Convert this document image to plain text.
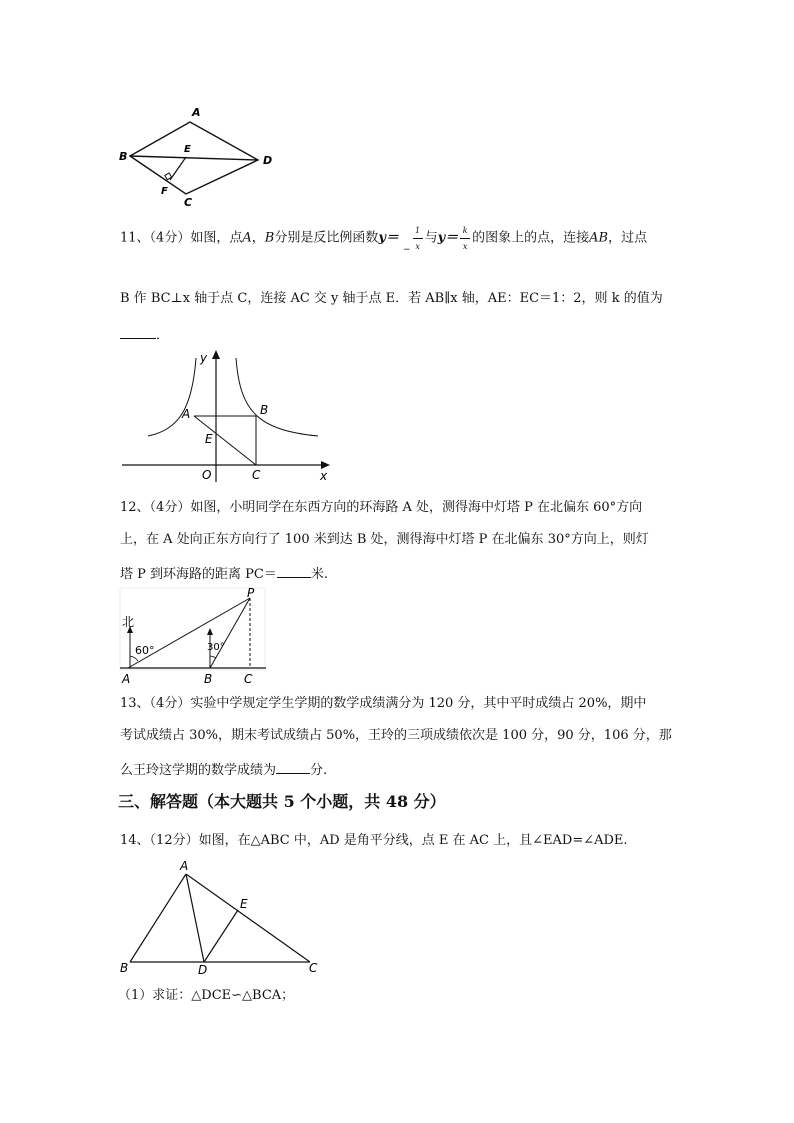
A
B
C
D
E
F
11、（4分）如图，点A，B分别是反比例函数y＝ $_-$
$\frac{1}{x}$ 与$y= \frac{k}{x}$ 的图象上的点，连接AB，过点
B 作 BC⊥x 轴于点 C，连接 AC 交 y 轴于点 E．若 AB∥x 轴，AE：EC＝1：2，则 k 的值为
．
y
x
O
A	B
C
E
12、（4分）如图，小明同学在东西方向的环海路 A 处，测得海中灯塔 P 在北偏东 60°方向
上，在 A 处向正东方向行了 100 米到达 B 处，测得海中灯塔 P 在北偏东 30°方向上，则灯
塔 P 到环海路的距离 PC＝	米.
北
60°	30°
A	B	C
P
13、（4分）实验中学规定学生学期的数学成绩满分为 120 分，其中平时成绩占 20%，期中
考试成绩占 30%，期末考试成绩占 50%，王玲的三项成绩依次是 100 分，90 分，106 分，那
么王玲这学期的数学成绩为	分.
三、解答题（本大题共 5 个小题，共 48 分）
14、（12分）如图，在△ABC 中，AD 是角平分线，点 E 在 AC 上，且∠EAD=∠ADE.
A
B	C
D
E
（1）求证：△DCE∽△BCA；
